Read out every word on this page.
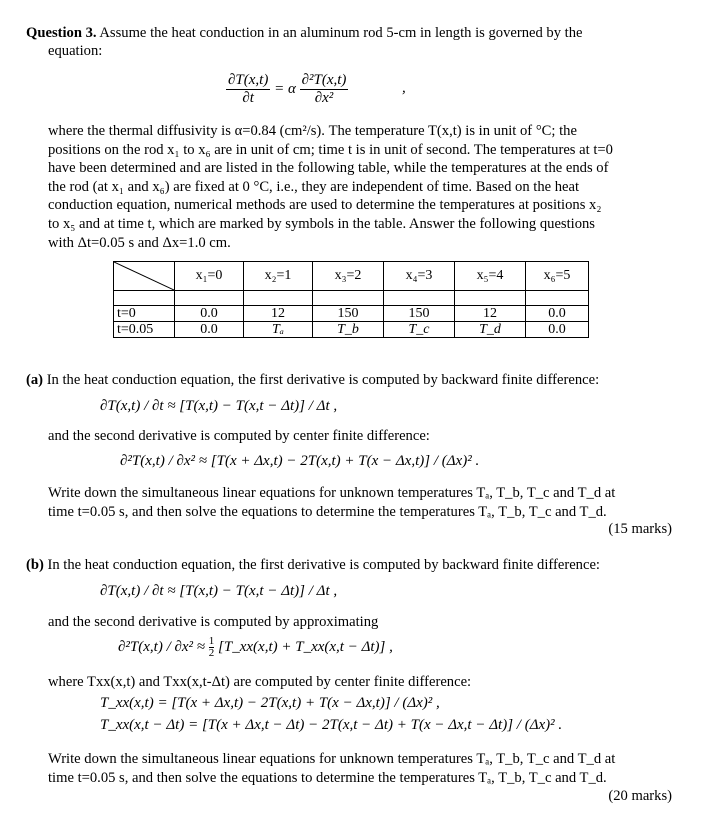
Question 3. Assume the heat conduction in an aluminum rod 5-cm in length is governed by the
equation:
$\frac{\partial T(x,t)}{\partial t} = \alpha \frac{\text{∂²T(x,t)}}{\text{∂x²}}$	,
where the thermal diffusivity is α=0.84 (cm²/s). The temperature T(x,t) is in unit of °C; the
positions on the rod x₁ to x₆ are in unit of cm; time t is in unit of second. The temperatures at t=0
have been determined and are listed in the following table, while the temperatures at the ends of
the rod (at x₁ and x₆) are fixed at 0 °C, i.e., they are independent of time. Based on the heat
conduction equation, numerical methods are used to determine the temperatures at positions x₂
to x₅ and at time t, which are marked by symbols in the table. Answer the following questions
with Δt=0.05 s and Δx=1.0 cm.
	x₁=0	x₂=1	x₃=2	x₄=3	x₅=4	x₆=5

t=0	0.0	12	150	150	12	0.0
t=0.05	0.0	Tₐ	T_b	T_c	T_d	0.0
(a) In the heat conduction equation, the first derivative is computed by backward finite difference:
∂T(x,t) / ∂t ≈ [T(x,t) − T(x,t − Δt)] / Δt ,
and the second derivative is computed by center finite difference:
∂²T(x,t) / ∂x² ≈ [T(x + Δx,t) − 2T(x,t) + T(x − Δx,t)] / (Δx)² .
Write down the simultaneous linear equations for unknown temperatures Tₐ, T_b, T_c and T_d at
time t=0.05 s, and then solve the equations to determine the temperatures Tₐ, T_b, T_c and T_d.
(15 marks)
(b) In the heat conduction equation, the first derivative is computed by backward finite difference:
∂T(x,t) / ∂t ≈ [T(x,t) − T(x,t − Δt)] / Δt ,
and the second derivative is computed by approximating
$\partial^2T(x,t) / \partial x^2 \approx \frac{1}{2}$ [T_xx(x,t) + T_xx(x,t − Δt)] ,
where Txx(x,t) and Txx(x,t-Δt) are computed by center finite difference:
T_xx(x,t) = [T(x + Δx,t) − 2T(x,t) + T(x − Δx,t)] / (Δx)² ,
T_xx(x,t − Δt) = [T(x + Δx,t − Δt) − 2T(x,t − Δt) + T(x − Δx,t − Δt)] / (Δx)² .
Write down the simultaneous linear equations for unknown temperatures Tₐ, T_b, T_c and T_d at
time t=0.05 s, and then solve the equations to determine the temperatures Tₐ, T_b, T_c and T_d.
(20 marks)
